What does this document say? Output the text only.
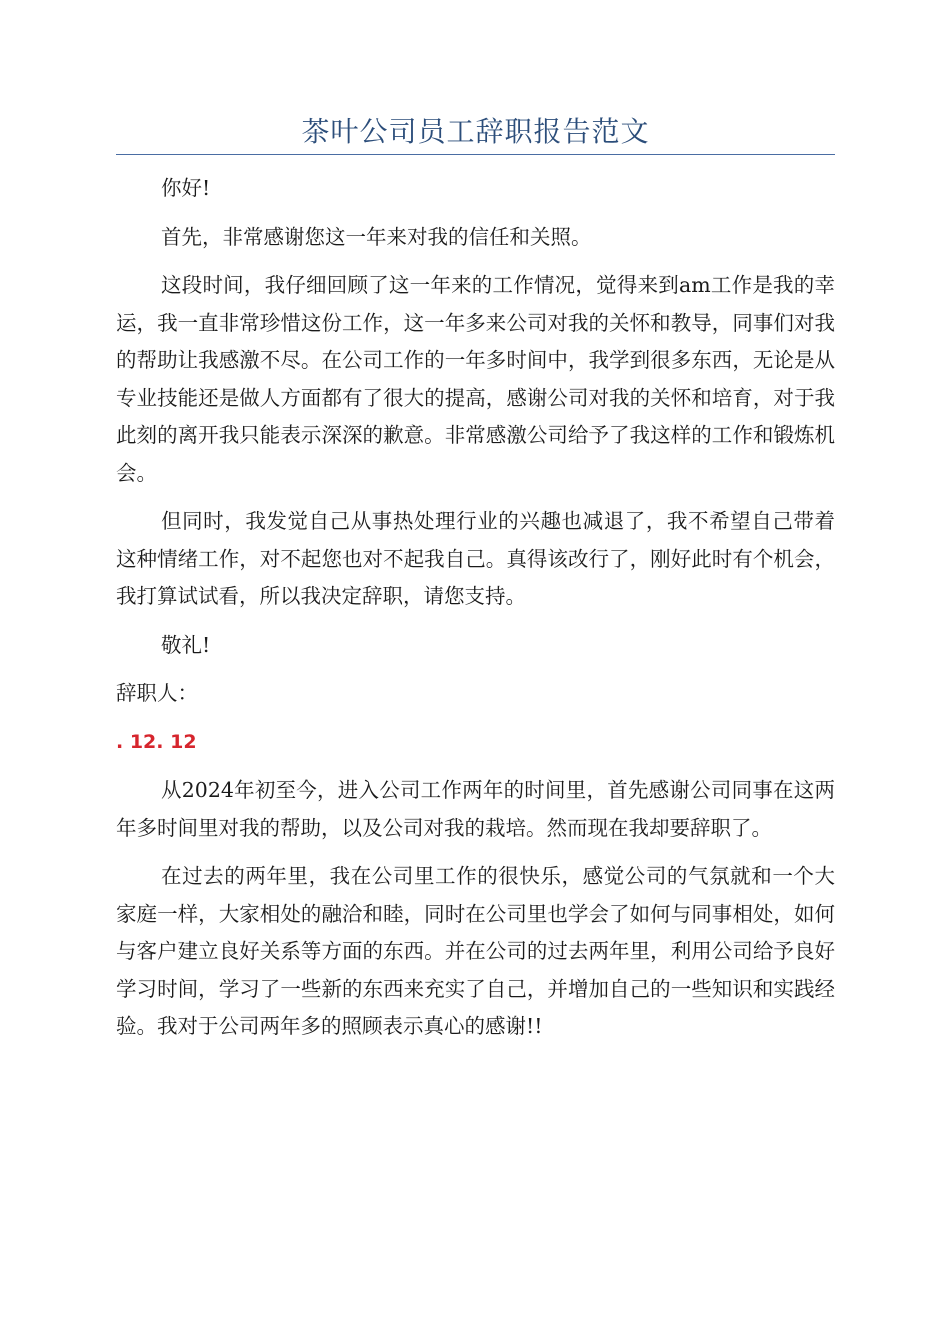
茶叶公司员工辞职报告范文

你好!

首先，非常感谢您这一年来对我的信任和关照。

这段时间，我仔细回顾了这一年来的工作情况，觉得来到am工作是我的幸运，我一直非常珍惜这份工作，这一年多来公司对我的关怀和教导，同事们对我的帮助让我感激不尽。在公司工作的一年多时间中，我学到很多东西，无论是从专业技能还是做人方面都有了很大的提高，感谢公司对我的关怀和培育，对于我此刻的离开我只能表示深深的歉意。非常感激公司给予了我这样的工作和锻炼机会。

但同时，我发觉自己从事热处理行业的兴趣也减退了，我不希望自己带着这种情绪工作，对不起您也对不起我自己。真得该改行了，刚好此时有个机会，我打算试试看，所以我决定辞职，请您支持。

敬礼!

辞职人：

. 12. 12

从2024年初至今，进入公司工作两年的时间里，首先感谢公司同事在这两年多时间里对我的帮助，以及公司对我的栽培。然而现在我却要辞职了。

在过去的两年里，我在公司里工作的很快乐，感觉公司的气氛就和一个大家庭一样，大家相处的融洽和睦，同时在公司里也学会了如何与同事相处，如何与客户建立良好关系等方面的东西。并在公司的过去两年里，利用公司给予良好学习时间，学习了一些新的东西来充实了自己，并增加自己的一些知识和实践经验。我对于公司两年多的照顾表示真心的感谢!!
